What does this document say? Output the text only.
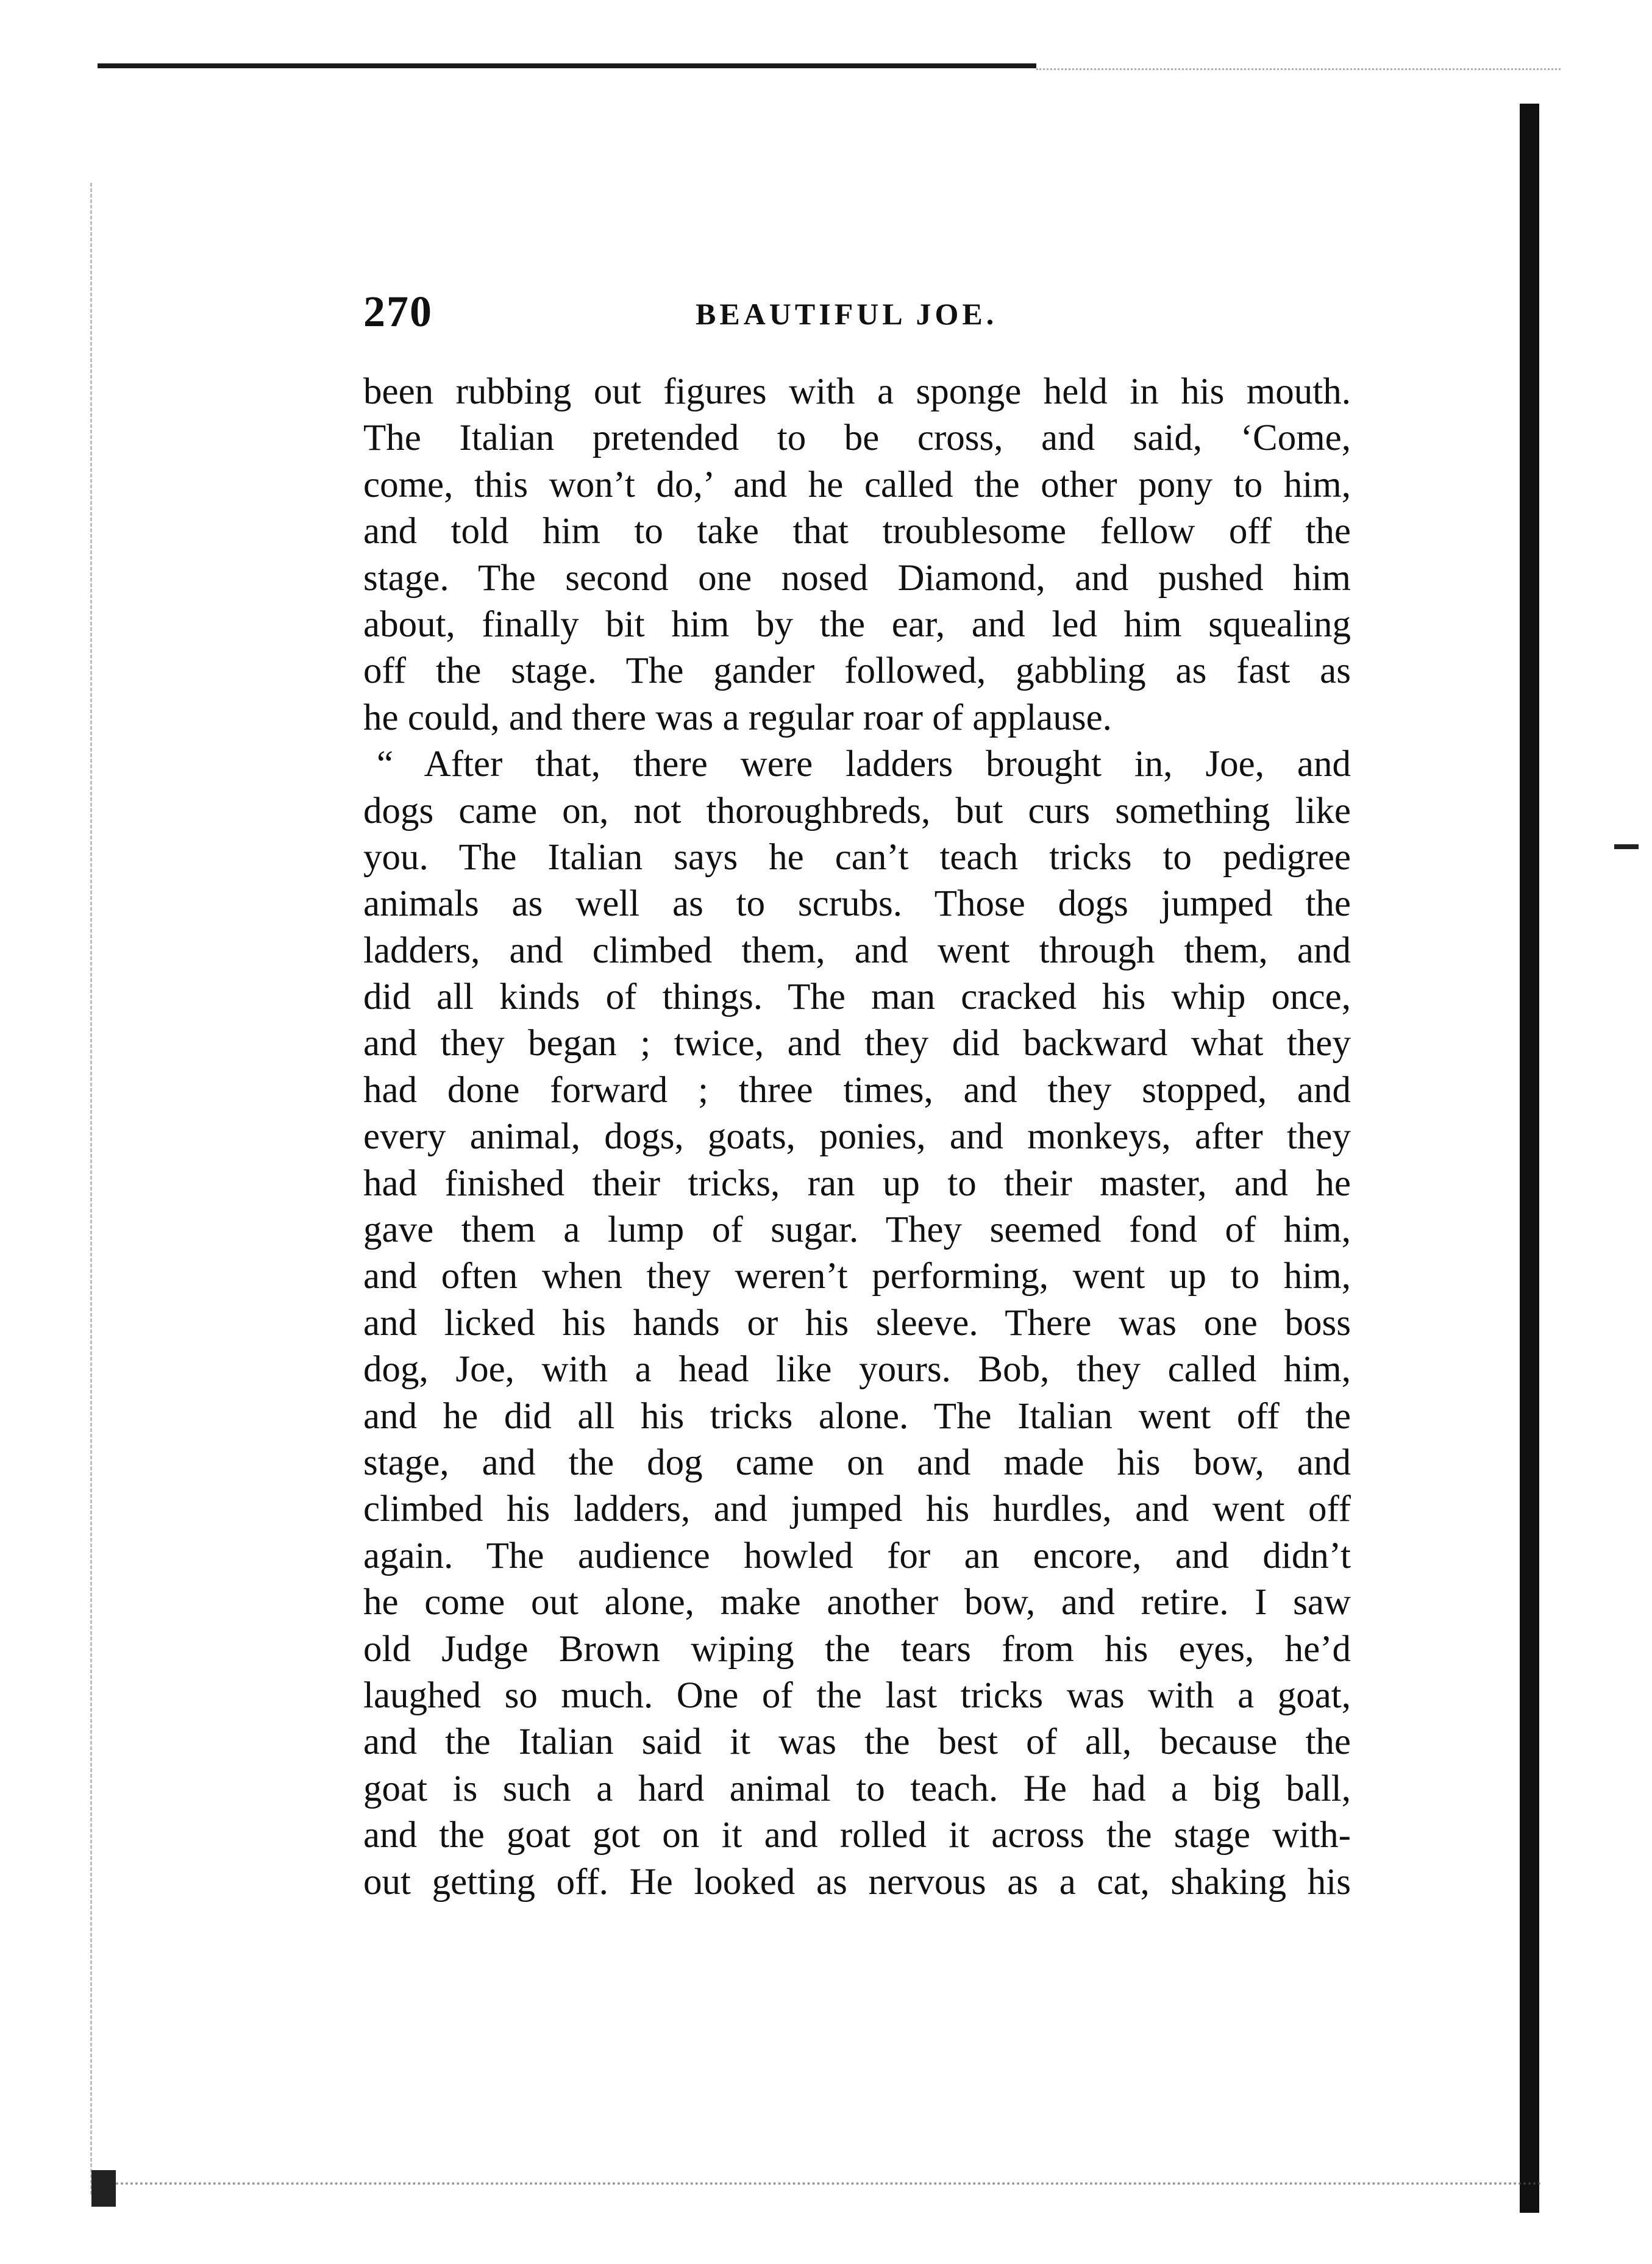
270	BEAUTIFUL JOE.
been rubbing out figures with a sponge held in his mouth.
The Italian pretended to be cross, and said, ‘Come,
come, this won’t do,’ and he called the other pony to him,
and told him to take that troublesome fellow off the
stage. The second one nosed Diamond, and pushed him
about, finally bit him by the ear, and led him squealing
off the stage. The gander followed, gabbling as fast as
he could, and there was a regular roar of applause.
“ After that, there were ladders brought in, Joe, and
dogs came on, not thoroughbreds, but curs something like
you. The Italian says he can’t teach tricks to pedigree
animals as well as to scrubs. Those dogs jumped the
ladders, and climbed them, and went through them, and
did all kinds of things. The man cracked his whip once,
and they began ; twice, and they did backward what they
had done forward ; three times, and they stopped, and
every animal, dogs, goats, ponies, and monkeys, after they
had finished their tricks, ran up to their master, and he
gave them a lump of sugar. They seemed fond of him,
and often when they weren’t performing, went up to him,
and licked his hands or his sleeve. There was one boss
dog, Joe, with a head like yours. Bob, they called him,
and he did all his tricks alone. The Italian went off the
stage, and the dog came on and made his bow, and
climbed his ladders, and jumped his hurdles, and went off
again. The audience howled for an encore, and didn’t
he come out alone, make another bow, and retire. I saw
old Judge Brown wiping the tears from his eyes, he’d
laughed so much. One of the last tricks was with a goat,
and the Italian said it was the best of all, because the
goat is such a hard animal to teach. He had a big ball,
and the goat got on it and rolled it across the stage with-
out getting off. He looked as nervous as a cat, shaking his
